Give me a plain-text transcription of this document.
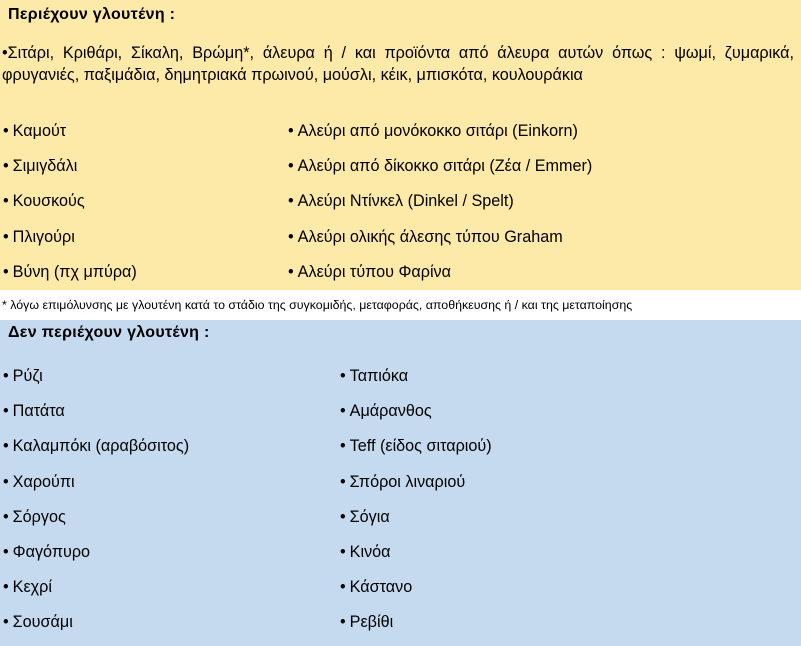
Περιέχουν γλουτένη :
•Σιτάρι, Κριθάρι, Σίκαλη, Βρώμη*, άλευρα ή / και προϊόντα από άλευρα αυτών όπως : ψωμί, ζυμαρικά, φρυγανιές, παξιμάδια, δημητριακά πρωινού, μούσλι, κέικ, μπισκότα, κουλουράκια
• Καμούτ
• Σιμιγδάλι
• Κουσκούς
• Πλιγούρι
• Βύνη (πχ μπύρα)
• Αλεύρι από μονόκοκκο σιτάρι (Einkorn)
• Αλεύρι από δίκοκκο σιτάρι (Ζέα / Emmer)
• Αλεύρι Ντίνκελ (Dinkel / Spelt)
• Αλεύρι ολικής άλεσης τύπου Graham
• Αλεύρι τύπου Φαρίνα
* λόγω επιμόλυνσης με γλουτένη κατά το στάδιο της συγκομιδής, μεταφοράς, αποθήκευσης ή / και της μεταποίησης
Δεν περιέχουν γλουτένη :
• Ρύζι
• Πατάτα
• Καλαμπόκι (αραβόσιτος)
• Χαρούπι
• Σόργος
• Φαγόπυρο
• Κεχρί
• Σουσάμι
• Ταπιόκα
• Αμάρανθος
• Teff (είδος σιταριού)
• Σπόροι λιναριού
• Σόγια
• Κινόα
• Κάστανο
• Ρεβίθι
